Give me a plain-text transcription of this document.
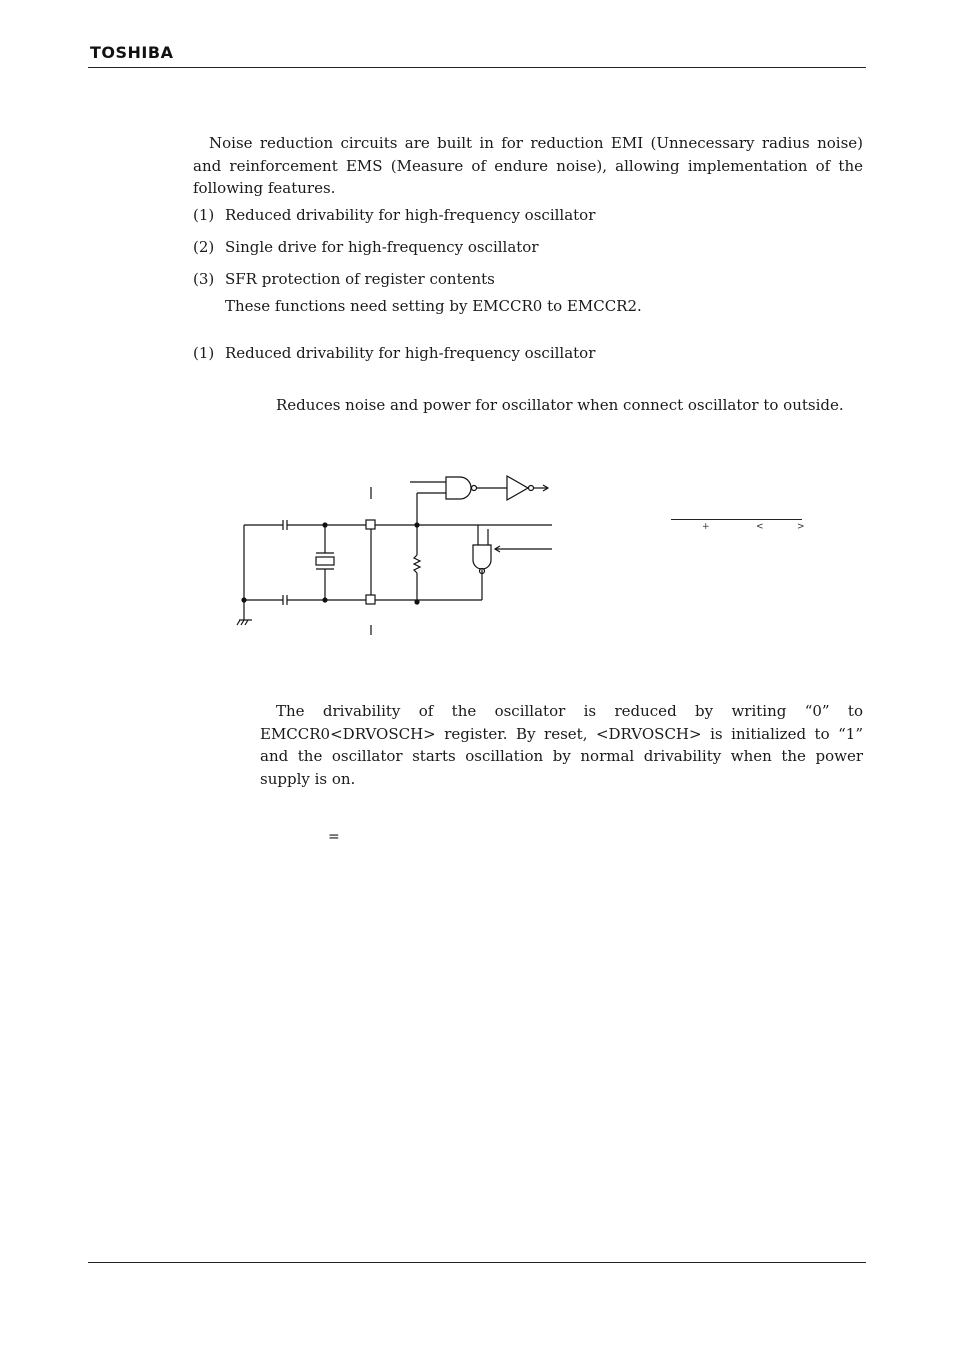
TOSHIBA
Noise reduction circuits are built in for reduction EMI (Unnecessary radius noise) and reinforcement EMS (Measure of endure noise), allowing implementation of the following features.
(1) Reduced drivability for high-frequency oscillator
(2) Single drive for high-frequency oscillator
(3) SFR protection of register contents
These functions need setting by EMCCR0 to EMCCR2.
(1) Reduced drivability for high-frequency oscillator
Reduces noise and power for oscillator when connect oscillator to outside.
+	<	>
The drivability of the oscillator is reduced by writing “0” to EMCCR0<DRVOSCH> register. By reset, <DRVOSCH> is initialized to “1” and the oscillator starts oscillation by normal drivability when the power supply is on.
=
